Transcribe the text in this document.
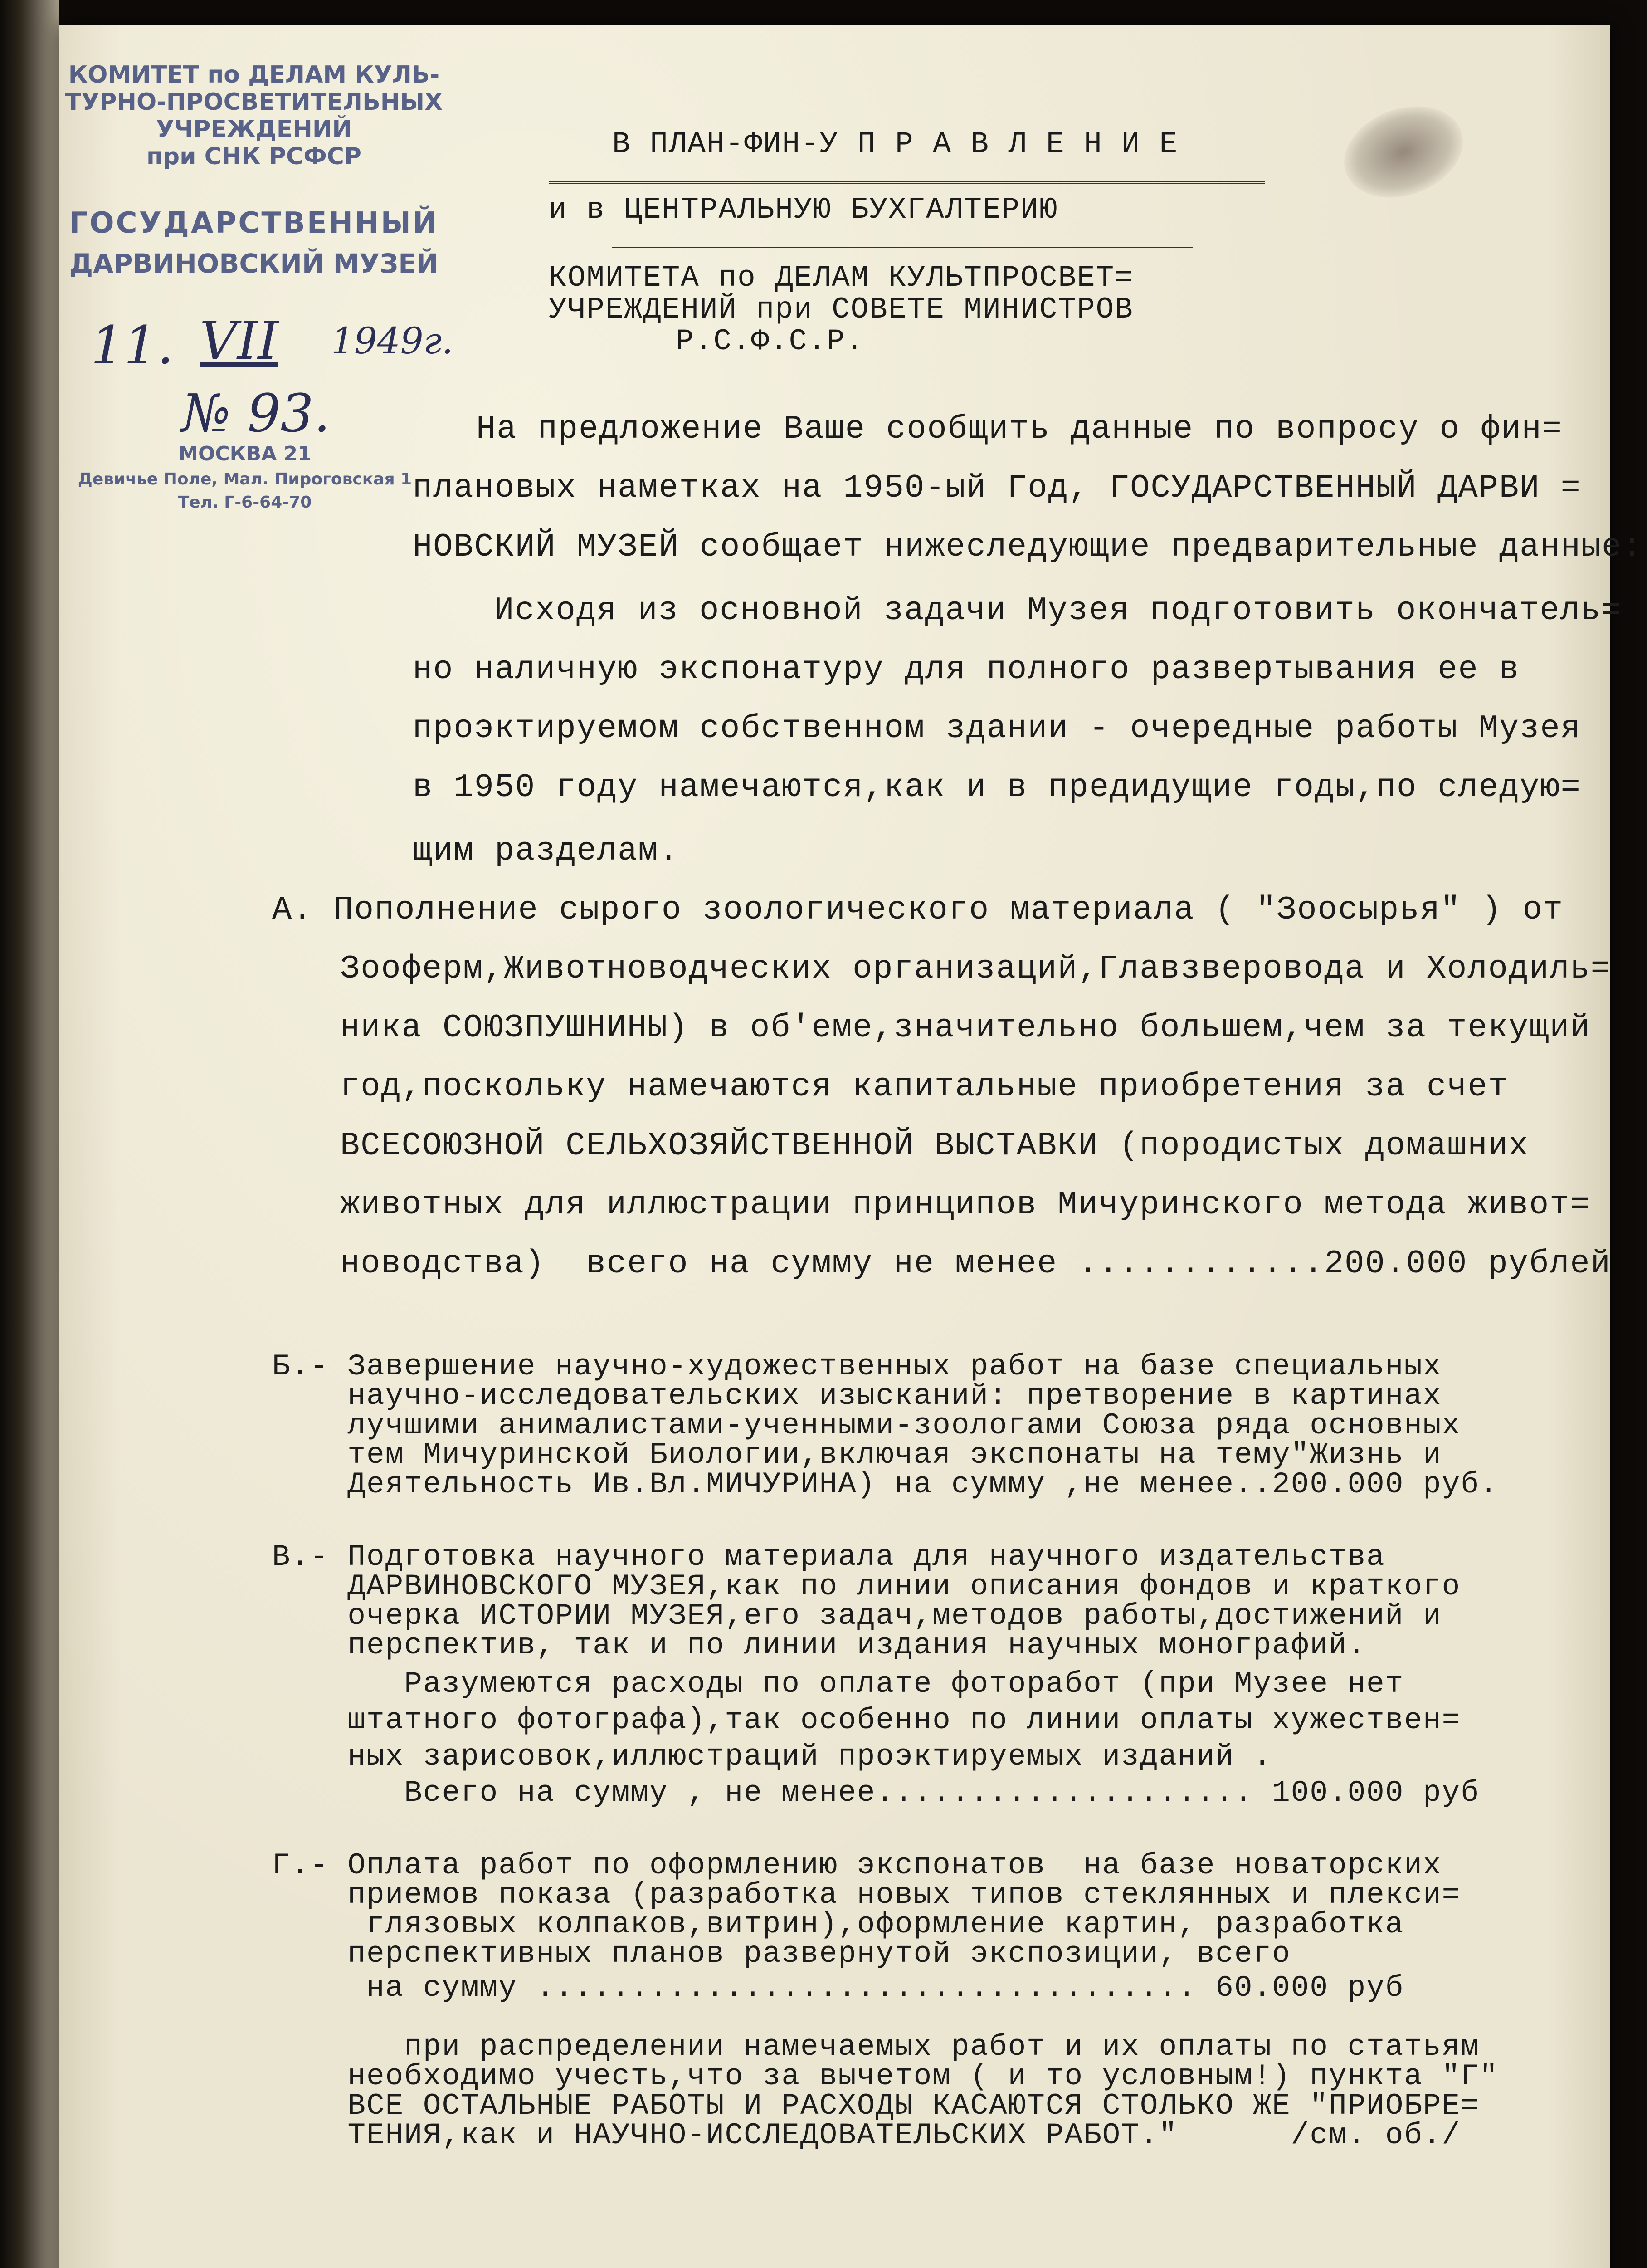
КОМИТЕТ по ДЕЛАМ КУЛЬ-
ТУРНО-ПРОСВЕТИТЕЛЬНЫХ
УЧРЕЖДЕНИЙ
при СНК РСФСР
ГОСУДАРСТВЕННЫЙ
ДАРВИНОВСКИЙ МУЗЕЙ
11. VII 1949г.
№ 93.
МОСКВА 21
Девичье Поле, Мал. Пироговская 1
Тел. Г-6-64-70
В ПЛАН-ФИН-У П Р А В Л Е Н И Е
и в ЦЕНТРАЛЬНУЮ БУХГАЛТЕРИЮ
КОМИТЕТА по ДЕЛАМ КУЛЬТПРОСВЕТ=
УЧРЕЖДЕНИЙ при СОВЕТЕ МИНИСТРОВ
Р.С.Ф.С.Р.
На предложение Ваше сообщить данные по вопросу о фин=
плановых наметках на 1950-ый Год, ГОСУДАРСТВЕННЫЙ ДАРВИ =
НОВСКИЙ МУЗЕЙ сообщает нижеследующие предварительные данные:
Исходя из основной задачи Музея подготовить окончатель=
но наличную экспонатуру для полного развертывания ее в
проэктируемом собственном здании - очередные работы Музея
в 1950 году намечаются,как и в предидущие годы,по следую=
щим разделам.
А. Пополнение сырого зоологического материала ( "Зоосырья" ) от
Зооферм,Животноводческих организаций,Главзверовода и Холодиль=
ника СОЮЗПУШНИНЫ) в об'еме,значительно большем,чем за текущий
год,поскольку намечаются капитальные приобретения за счет
ВСЕСОЮЗНОЙ СЕЛЬХОЗЯЙСТВЕННОЙ ВЫСТАВКИ (породистых домашних
животных для иллюстрации принципов Мичуринского метода живот=
новодства)  всего на сумму не менее ............200.000 рублей
Б.- Завершение научно-художественных работ на базе специальных
научно-исследовательских изысканий: претворение в картинах
лучшими анималистами-ученными-зоологами Союза ряда основных
тем Мичуринской Биологии,включая экспонаты на тему"Жизнь и
Деятельность Ив.Вл.МИЧУРИНА) на сумму ,не менее..200.000 руб.
В.- Подготовка научного материала для научного издательства
ДАРВИНОВСКОГО МУЗЕЯ,как по линии описания фондов и краткого
очерка ИСТОРИИ МУЗЕЯ,его задач,методов работы,достижений и
перспектив, так и по линии издания научных монографий.
Разумеются расходы по оплате фоторабот (при Музее нет
штатного фотографа),так особенно по линии оплаты хужествен=
ных зарисовок,иллюстраций проэктируемых изданий .
Всего на сумму , не менее.................... 100.000 руб
Г.- Оплата работ по оформлению экспонатов  на базе новаторских
приемов показа (разработка новых типов стеклянных и плекси=
глязовых колпаков,витрин),оформление картин, разработка
перспективных планов развернутой экспозиции, всего
на сумму ................................... 60.000 руб
при распределении намечаемых работ и их оплаты по статьям
необходимо учесть,что за вычетом ( и то условным!) пункта "Г"
ВСЕ ОСТАЛЬНЫЕ РАБОТЫ И РАСХОДЫ КАСАЮТСЯ СТОЛЬКО ЖЕ "ПРИОБРЕ=
ТЕНИЯ,как и НАУЧНО-ИССЛЕДОВАТЕЛЬСКИХ РАБОТ."      /см. об./
